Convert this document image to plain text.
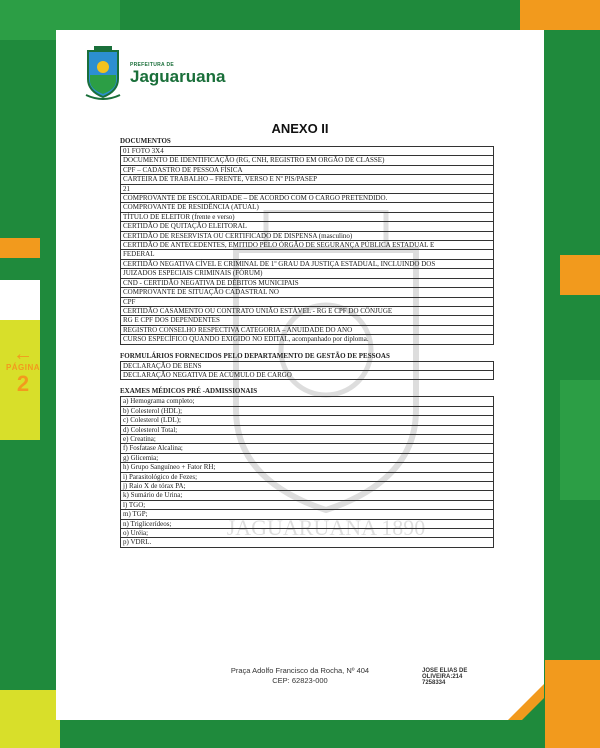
←
PÁGINA
2
PREFEITURA DE
Jaguaruana
JAGUARUANA 1890
ANEXO II
DOCUMENTOS
01 FOTO 3X4
DOCUMENTO DE IDENTIFICAÇÃO (RG, CNH, REGISTRO EM ORGÃO DE CLASSE)
CPF – CADASTRO DE PESSOA FÍSICA
CARTEIRA DE TRABALHO – FRENTE, VERSO E Nº PIS/PASEP
21
COMPROVANTE DE ESCOLARIDADE – DE ACORDO COM O CARGO PRETENDIDO.
COMPROVANTE DE RESIDÊNCIA (ATUAL)
TÍTULO DE ELEITOR (frente e verso)
CERTIDÃO DE QUITAÇÃO ELEITORAL
CERTIDÃO DE RESERVISTA OU CERTIFICADO DE DISPENSA (masculino)
CERTIDÃO DE ANTECEDENTES, EMITIDO PELO ÓRGÃO DE SEGURANÇA PÚBLICA ESTADUAL E
FEDERAL
CERTIDÃO NEGATIVA CÍVEL E CRIMINAL DE 1º GRAU DA JUSTIÇA ESTADUAL, INCLUINDO DOS
JUIZADOS ESPECIAIS CRIMINAIS (FÓRUM)
CND - CERTIDÃO NEGATIVA DE DÉBITOS MUNICIPAIS
COMPROVANTE DE SITUAÇÃO CADASTRAL NO
CPF
CERTIDÃO CASAMENTO OU CONTRATO UNIÃO ESTÁVEL - RG E CPF DO CÔNJUGE
RG E CPF DOS DEPENDENTES
REGISTRO CONSELHO RESPECTIVA CATEGORIA – ANUIDADE DO ANO
CURSO ESPECÍFICO QUANDO EXIGIDO NO EDITAL, acompanhado por diploma.
FORMULÁRIOS FORNECIDOS PELO DEPARTAMENTO DE GESTÃO DE PESSOAS
DECLARAÇÃO DE BENS
DECLARAÇÃO NEGATIVA DE ACÚMULO DE CARGO
EXAMES MÉDICOS PRÉ -ADMISSIONAIS
a) Hemograma completo;
b) Colesterol (HDL);
c) Colesterol (LDL);
d) Colesterol Total;
e) Creatina;
f) Fosfatase Alcalina;
g) Glicemia;
h) Grupo Sanguíneo + Fator RH;
i) Parasitológico de Fezes;
j) Raio X de tórax PA;
k) Sumário de Urina;
l) TGO;
m) TGP;
n) Triglicerídeos;
o) Uréia;
p) VDRL.
Praça Adolfo Francisco da Rocha, Nº 404
CEP: 62823-000
JOSE ELIAS DE
OLIVEIRA:214
7258334
